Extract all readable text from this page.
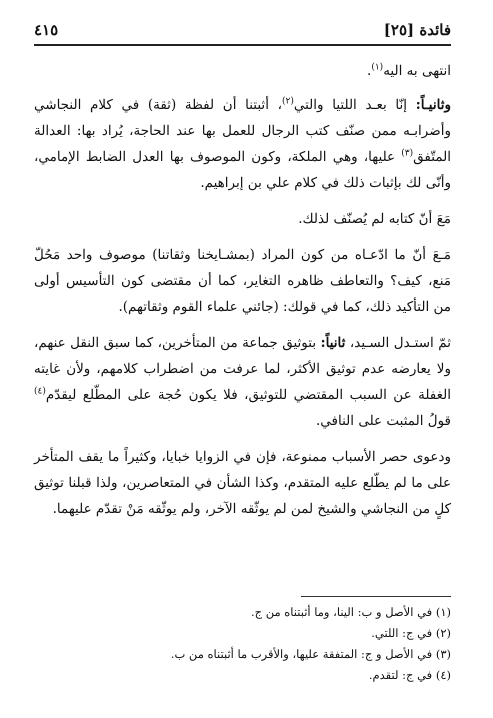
فائدة [٢٥]
٤١٥

انتهى به اليه$^{(١)}$.

وثانيـاً: إنّا بعـد اللتيا والتي$^{(٢)}$، أثبتنا أن لفظة (ثقة) في كلام النجاشي وأضرابـه ممن صنّف كتب الرجال للعمل بها عند الحاجة، يُراد بها: العدالة المتّفق$^{(٣)}$ عليها، وهي الملكة، وكون الموصوف بها العدل الضابط الإمامي، وأنّى لك بإثبات ذلك في كلام علي بن إبراهيم.

مَعَ أنّ كتابه لم يُصنّف لذلك.

مَـعَ أنّ ما ادّعـاه من كون المراد (بمشـايخنا وثقاتنا) موصوف واحد مَحُلّ مَنع، كيف؟ والتعاطف ظاهره التغاير، كما أن مقتضى كون التأسيس أولى من التأكيد ذلك، كما في قولك: (جائني علماء القوم وثقاتهم).

ثمّ استـدل السـيد، ثانياً: بتوثيق جماعة من المتأخرين، كما سبق النقل عنهم، ولا يعارضه عدم توثيق الأكثر، لما عرفت من اضطراب كلامهم، ولأن غايته الغفلة عن السبب المقتضي للتوثيق، فلا يكون حُجة على المطّلع ليقدّم$^{(٤)}$ قولُ المثبت على النافي.

ودعوى حصر الأسباب ممنوعة، فإن في الزوايا خبايا، وكثيراً ما يقف المتأخر على ما لم يطّلع عليه المتقدم، وكذا الشأن في المتعاصرين، ولذا قبلنا توثيق كلٍ من النجاشي والشيخ لمن لم يوثّقه الآخر، ولم يوثّقه مَنْ تقدّم عليهما.

(١) في الأصل و ب: الينا، وما أثبتناه من ج.

(٢) في ج: اللتي.

(٣) في الأصل و ج: المتفقة عليها، والأقرب ما أثبتناه من ب.

(٤) في ج: لتقدم.
